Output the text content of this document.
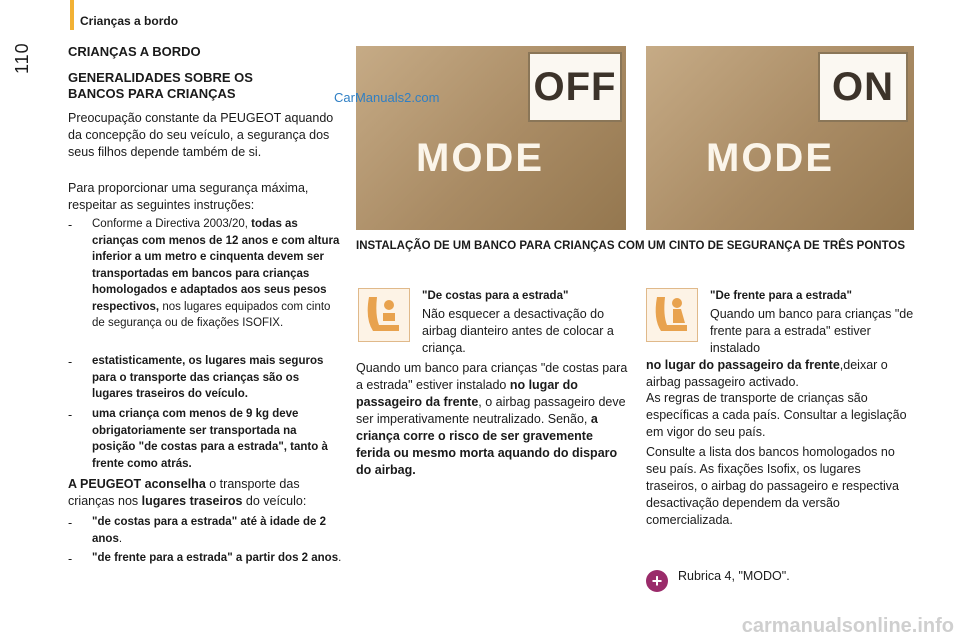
Crianças a bordo
110	CRIANÇAS A BORDO
GENERALIDADES SOBRE OS BANCOS PARA CRIANÇAS
Preocupação constante da PEUGEOT aquando da concepção do seu veículo, a segurança dos seus filhos depende também de si.
Para proporcionar uma segurança máxima, respeitar as seguintes instruções:
- Conforme a Directiva 2003/20, todas as crianças com menos de 12 anos e com altura inferior a um metro e cinquenta devem ser transportadas em bancos para crianças homologados e adaptados aos seus pesos respectivos, nos lugares equipados com cinto de segurança ou de fixações ISOFIX.
- estatisticamente, os lugares mais seguros para o transporte das crianças são os lugares traseiros do veículo.
- uma criança com menos de 9 kg deve obrigatoriamente ser transportada na posição "de costas para a estrada", tanto à frente como atrás.
A PEUGEOT aconselha o transporte das crianças nos lugares traseiros do veículo:
- "de costas para a estrada" até à idade de 2 anos.
- "de frente para a estrada" a partir dos 2 anos.
OFF
MODE
CarManuals2.com	ON
MODE
INSTALAÇÃO DE UM BANCO PARA CRIANÇAS COM UM CINTO DE SEGURANÇA DE TRÊS PONTOS
"De costas para a estrada"
Não esquecer a desactivação do airbag dianteiro antes de colocar a criança.
Quando um banco para crianças "de costas para a estrada" estiver instalado no lugar do passageiro da frente, o airbag passageiro deve ser imperativamente neutralizado. Senão, a criança corre o risco de ser gravemente ferida ou mesmo morta aquando do disparo do airbag.
"De frente para a estrada"
Quando um banco para crianças "de frente para a estrada" estiver instalado
no lugar do passageiro da frente,deixar o airbag passageiro activado.
As regras de transporte de crianças são específicas a cada país. Consultar a legislação em vigor do seu país.
Consulte a lista dos bancos homologados no seu país. As fixações Isofix, os lugares traseiros, o airbag do passageiro e respectiva desactivação dependem da versão comercializada.
+	Rubrica 4, "MODO".
carmanualsonline.info
